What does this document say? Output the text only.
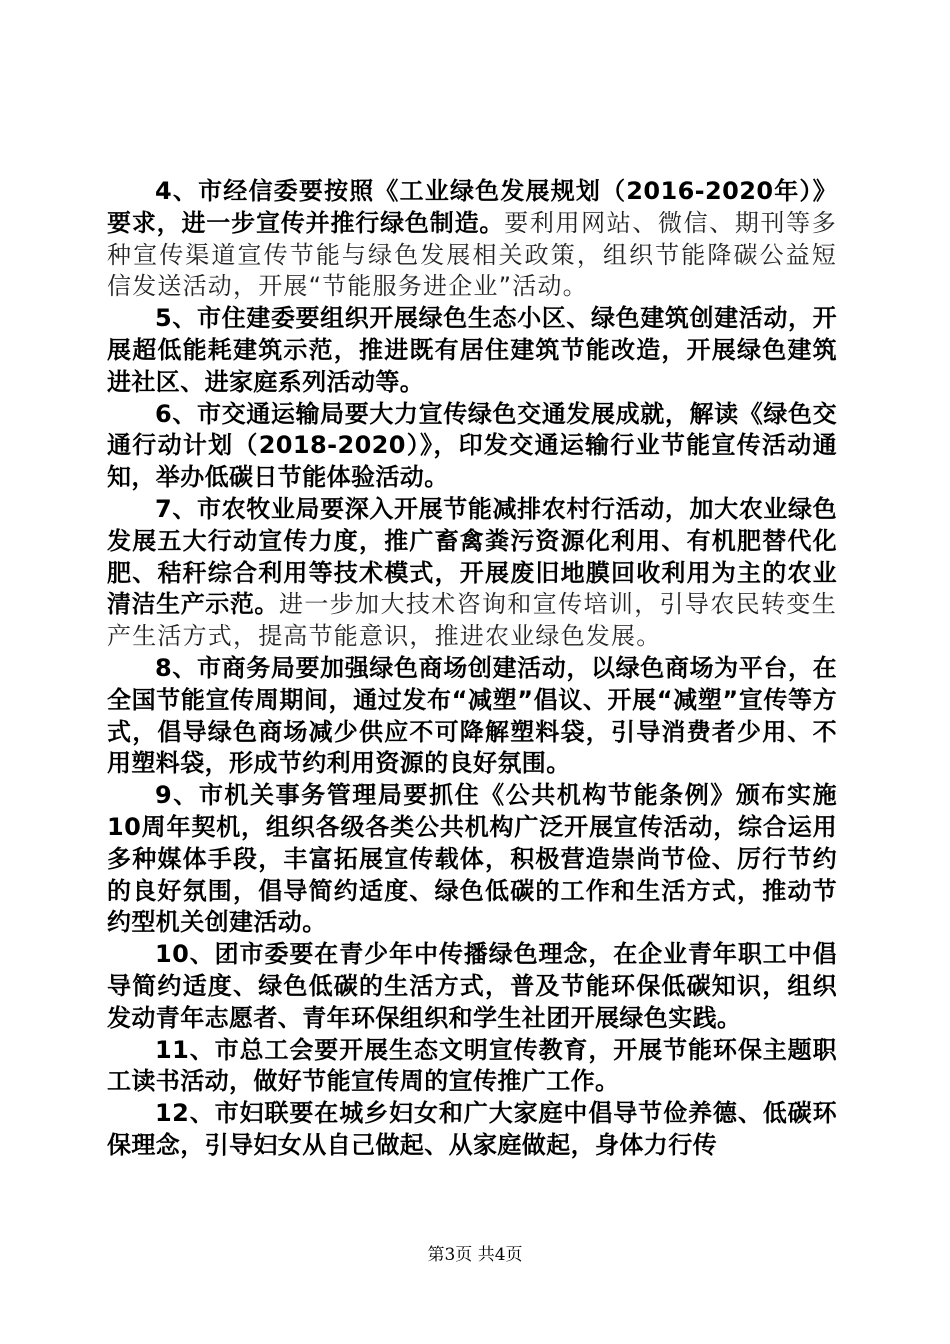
4、市经信委要按照《工业绿色发展规划（2016-2020年）》要求，进一步宣传并推行绿色制造。要利用网站、微信、期刊等多种宣传渠道宣传节能与绿色发展相关政策，组织节能降碳公益短信发送活动，开展“节能服务进企业”活动。

5、市住建委要组织开展绿色生态小区、绿色建筑创建活动，开展超低能耗建筑示范，推进既有居住建筑节能改造，开展绿色建筑进社区、进家庭系列活动等。

6、市交通运输局要大力宣传绿色交通发展成就，解读《绿色交通行动计划（2018-2020）》，印发交通运输行业节能宣传活动通知，举办低碳日节能体验活动。

7、市农牧业局要深入开展节能减排农村行活动，加大农业绿色发展五大行动宣传力度，推广畜禽粪污资源化利用、有机肥替代化肥、秸秆综合利用等技术模式，开展废旧地膜回收利用为主的农业清洁生产示范。进一步加大技术咨询和宣传培训，引导农民转变生产生活方式，提高节能意识，推进农业绿色发展。

8、市商务局要加强绿色商场创建活动，以绿色商场为平台，在全国节能宣传周期间，通过发布“减塑”倡议、开展“减塑”宣传等方式，倡导绿色商场减少供应不可降解塑料袋，引导消费者少用、不用塑料袋，形成节约利用资源的良好氛围。

9、市机关事务管理局要抓住《公共机构节能条例》颁布实施10周年契机，组织各级各类公共机构广泛开展宣传活动，综合运用多种媒体手段，丰富拓展宣传载体，积极营造崇尚节俭、厉行节约的良好氛围，倡导简约适度、绿色低碳的工作和生活方式，推动节约型机关创建活动。

10、团市委要在青少年中传播绿色理念，在企业青年职工中倡导简约适度、绿色低碳的生活方式，普及节能环保低碳知识，组织发动青年志愿者、青年环保组织和学生社团开展绿色实践。

11、市总工会要开展生态文明宣传教育，开展节能环保主题职工读书活动，做好节能宣传周的宣传推广工作。

12、市妇联要在城乡妇女和广大家庭中倡导节俭养德、低碳环保理念，引导妇女从自己做起、从家庭做起，身体力行传

第3页 共4页
